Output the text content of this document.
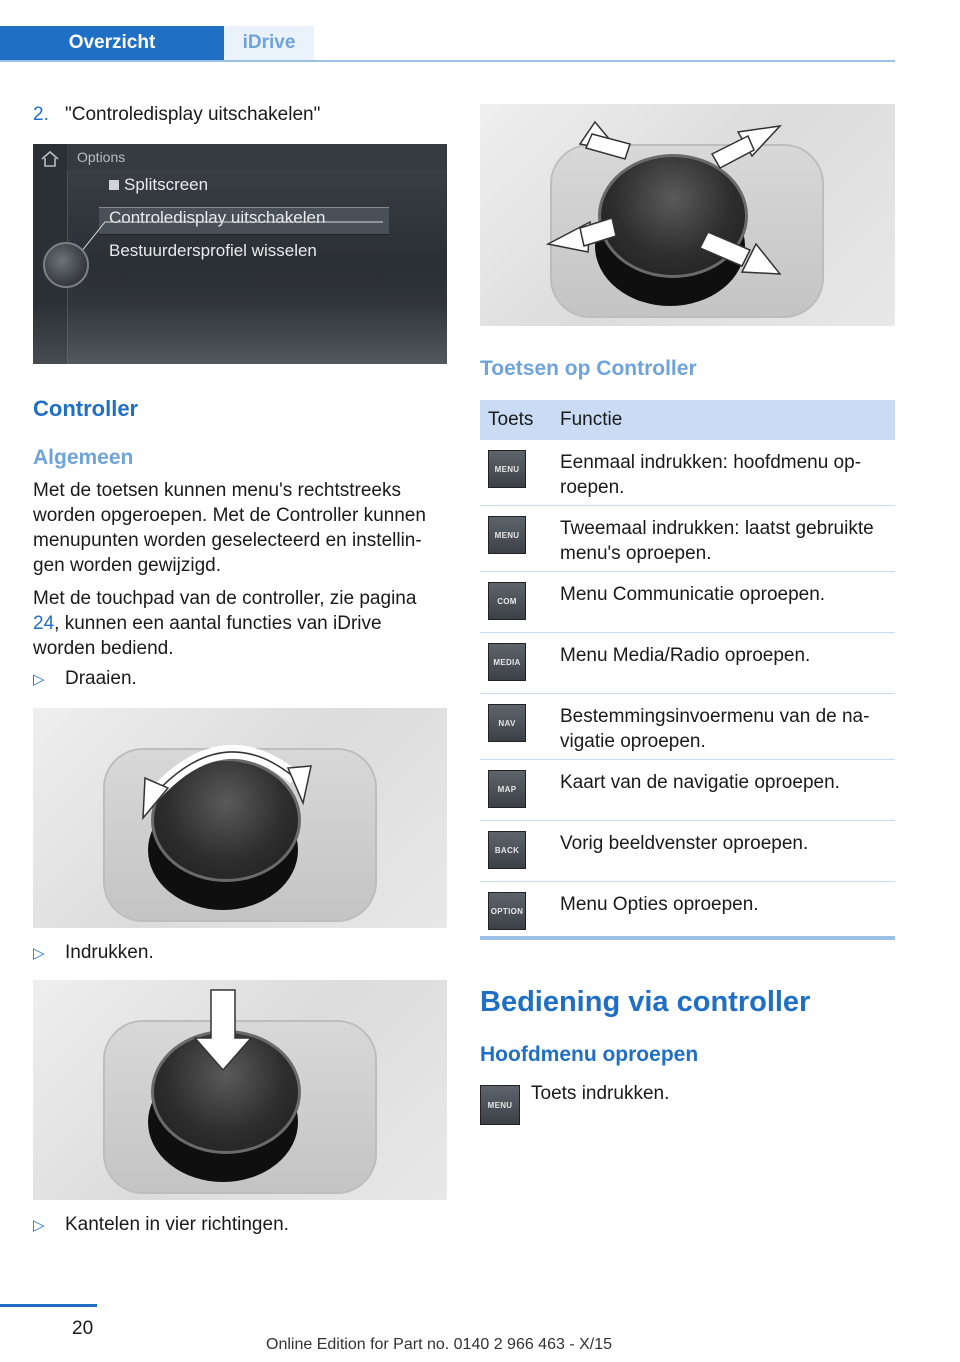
Overzicht	iDrive
2. "Controledisplay uitschakelen"
Options
Splitscreen
Controledisplay uitschakelen
Bestuurdersprofiel wisselen
Controller
Algemeen
Met de toetsen kunnen menu's rechtstreeks worden opgeroepen. Met de Controller kunnen menupunten worden geselecteerd en instellingen worden gewijzigd.
Met de touchpad van de controller, zie pagina 24, kunnen een aantal functies van iDrive worden bediend.
▷ Draaien.
▷ Indrukken.
▷ Kantelen in vier richtingen.
Toetsen op Controller
Toets	Functie
MENU	Eenmaal indrukken: hoofdmenu oproepen.
MENU	Tweemaal indrukken: laatst gebruikte menu's oproepen.
COM	Menu Communicatie oproepen.
MEDIA Menu Media/Radio oproepen.
NAV	Bestemmingsinvoermenu van de navigatie oproepen.
MAP	Kaart van de navigatie oproepen.
BACK	Vorig beeldvenster oproepen.
OPTION Menu Opties oproepen.
Bediening via controller
Hoofdmenu oproepen
MENU
Toets indrukken.
20
Online Edition for Part no. 0140 2 966 463 - X/15
